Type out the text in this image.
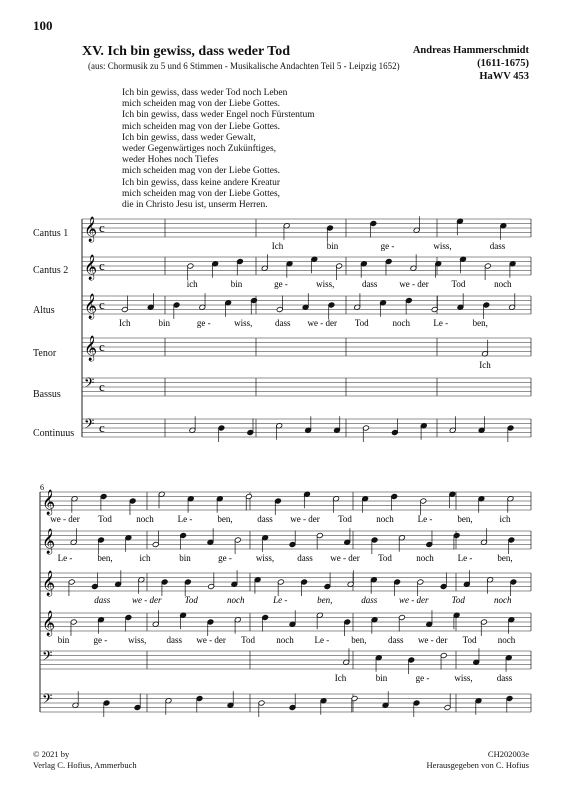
100
XV. Ich bin gewiss, dass weder Tod
(aus: Chormusik zu 5 und 6 Stimmen - Musikalische Andachten Teil 5 - Leipzig 1652)
Andreas Hammerschmidt
(1611-1675)
HaWV 453
Ich bin gewiss, dass weder Tod noch Leben
mich scheiden mag von der Liebe Gottes.
Ich bin gewiss, dass weder Engel noch Fürstentum
mich scheiden mag von der Liebe Gottes.
Ich bin gewiss, dass weder Gewalt,
weder Gegenwärtiges noch Zukünftiges,
weder Hohes noch Tiefes
mich scheiden mag von der Liebe Gottes.
Ich bin gewiss, dass keine andere Kreatur
mich scheiden mag von der Liebe Gottes,
die in Christo Jesu ist, unserm Herren.
Cantus 1
Cantus 2
Altus
Tenor
Bassus
Continuus
𝄞 c
𝄞 c
𝄞 c
𝄞 c
𝄢 c
𝄢 c
𝄞
𝄞
𝄞
𝄞
𝄢
𝄢
6
Ich	bin	ge -	wiss,	dass
ich	bin	ge -	wiss,	dass we - der	Tod	noch
Ich	bin	ge -	wiss,	dass we - der Tod	noch	Le -	ben,
Ich
we - der Tod	noch	Le -	ben,	dass we - der Tod	noch	Le -	ben,	ich
Le -	ben,	ich	bin	ge -	wiss,	dass we - der Tod	noch	Le -	ben,
dass we - der	Tod	noch	Le -	ben,	dass we - der	Tod	noch
bin	ge - wiss, dass we - der Tod noch Le - ben, dass we - der Tod noch
Ich	bin	ge -	wiss,	dass
© 2021 by
Verlag C. Hofius, Ammerbuch
CH202003e
Herausgegeben von C. Hofius
